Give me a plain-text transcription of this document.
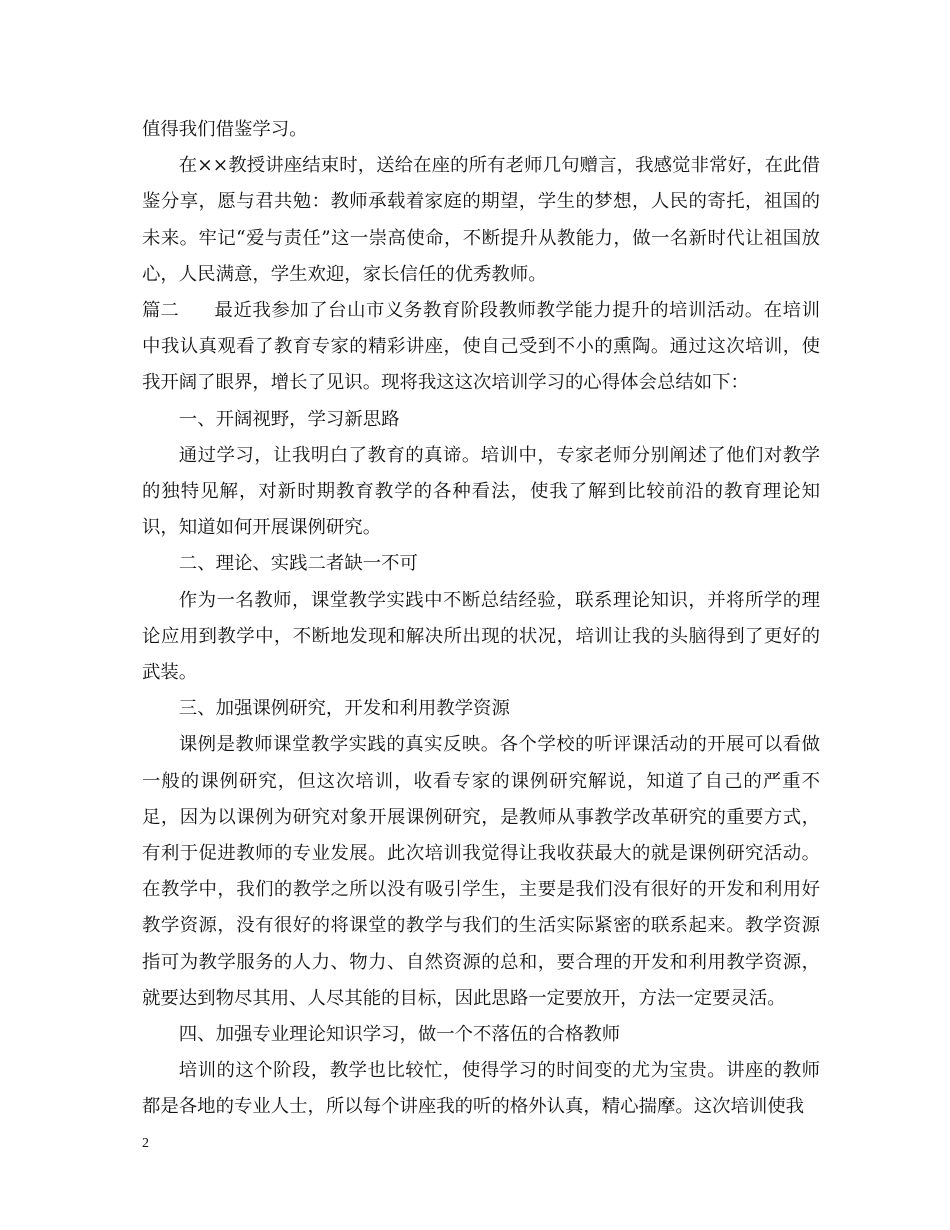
值得我们借鉴学习。

在××教授讲座结束时，送给在座的所有老师几句赠言，我感觉非常好，在此借鉴分享，愿与君共勉：教师承载着家庭的期望，学生的梦想，人民的寄托，祖国的未来。牢记“爱与责任”这一崇高使命，不断提升从教能力，做一名新时代让祖国放心，人民满意，学生欢迎，家长信任的优秀教师。

篇二 最近我参加了台山市义务教育阶段教师教学能力提升的培训活动。在培训中我认真观看了教育专家的精彩讲座，使自己受到不小的熏陶。通过这次培训，使我开阔了眼界，增长了见识。现将我这这次培训学习的心得体会总结如下：

一、开阔视野，学习新思路

通过学习，让我明白了教育的真谛。培训中，专家老师分别阐述了他们对教学的独特见解，对新时期教育教学的各种看法，使我了解到比较前沿的教育理论知识，知道如何开展课例研究。

二、理论、实践二者缺一不可

作为一名教师，课堂教学实践中不断总结经验，联系理论知识，并将所学的理论应用到教学中，不断地发现和解决所出现的状况，培训让我的头脑得到了更好的武装。

三、加强课例研究，开发和利用教学资源

课例是教师课堂教学实践的真实反映。各个学校的听评课活动的开展可以看做一般的课例研究，但这次培训，收看专家的课例研究解说，知道了自己的严重不足，因为以课例为研究对象开展课例研究，是教师从事教学改革研究的重要方式，有利于促进教师的专业发展。此次培训我觉得让我收获最大的就是课例研究活动。在教学中，我们的教学之所以没有吸引学生，主要是我们没有很好的开发和利用好教学资源，没有很好的将课堂的教学与我们的生活实际紧密的联系起来。教学资源指可为教学服务的人力、物力、自然资源的总和，要合理的开发和利用教学资源，就要达到物尽其用、人尽其能的目标，因此思路一定要放开，方法一定要灵活。

四、加强专业理论知识学习，做一个不落伍的合格教师

培训的这个阶段，教学也比较忙，使得学习的时间变的尤为宝贵。讲座的教师都是各地的专业人士，所以每个讲座我的听的格外认真，精心揣摩。这次培训使我

2
